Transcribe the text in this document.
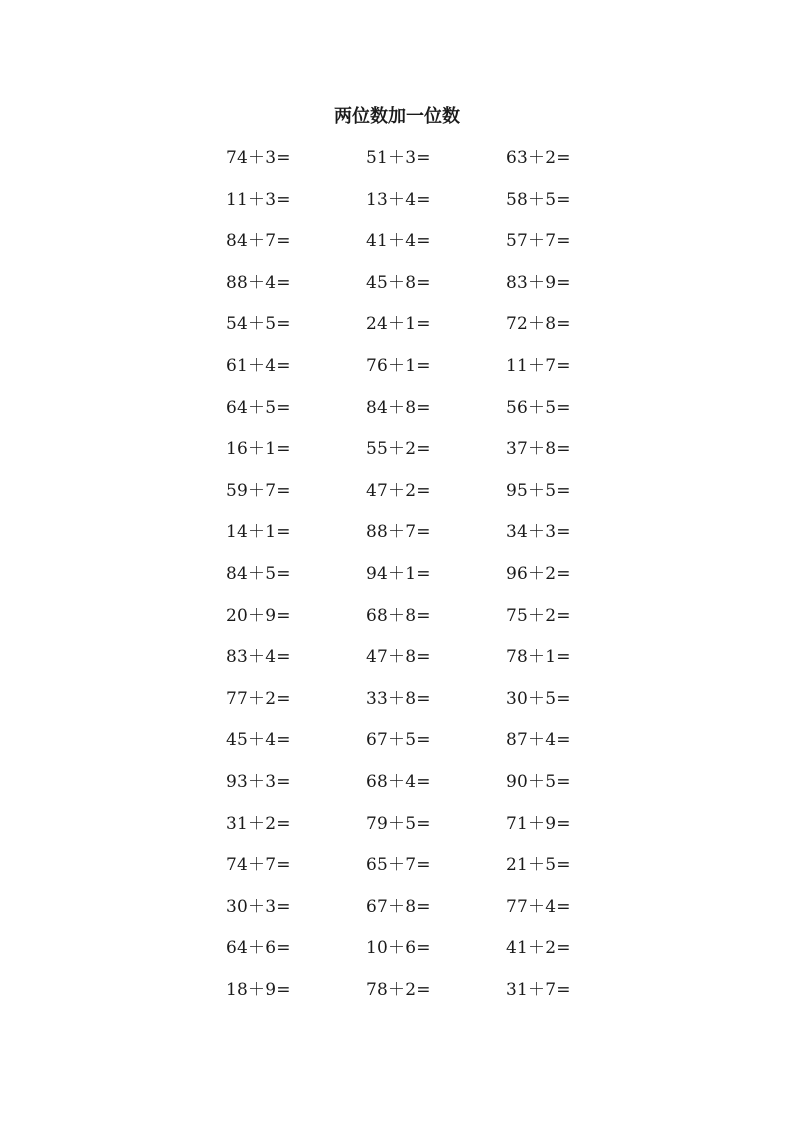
两位数加一位数
74＋3=	51＋3=	63＋2=
11＋3=	13＋4=	58＋5=
84＋7=	41＋4=	57＋7=
88＋4=	45＋8=	83＋9=
54＋5=	24＋1=	72＋8=
61＋4=	76＋1=	11＋7=
64＋5=	84＋8=	56＋5=
16＋1=	55＋2=	37＋8=
59＋7=	47＋2=	95＋5=
14＋1=	88＋7=	34＋3=
84＋5=	94＋1=	96＋2=
20＋9=	68＋8=	75＋2=
83＋4=	47＋8=	78＋1=
77＋2=	33＋8=	30＋5=
45＋4=	67＋5=	87＋4=
93＋3=	68＋4=	90＋5=
31＋2=	79＋5=	71＋9=
74＋7=	65＋7=	21＋5=
30＋3=	67＋8=	77＋4=
64＋6=	10＋6=	41＋2=
18＋9=	78＋2=	31＋7=
